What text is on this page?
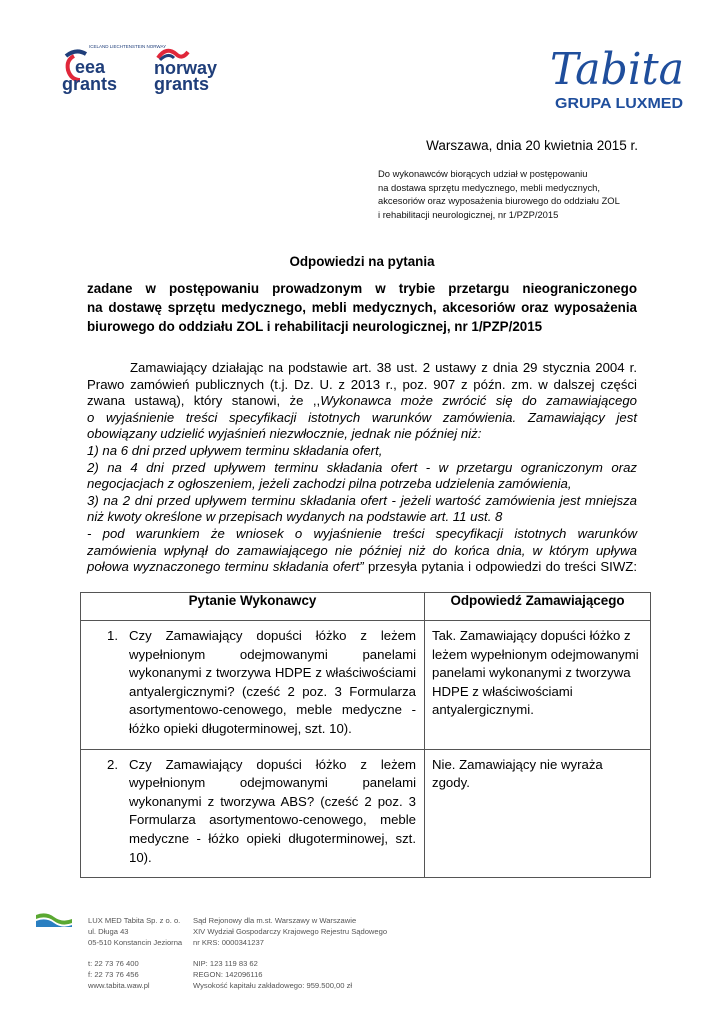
ICELAND LIECHTENSTEIN NORWAY
eea
grants
norway
grants	Tabita
GRUPA LUXMED
Warszawa, dnia 20 kwietnia 2015 r.
Do wykonawców biorących udział w postępowaniu
na dostawa sprzętu medycznego, mebli medycznych,
akcesoriów oraz wyposażenia biurowego do oddziału ZOL
i rehabilitacji neurologicznej, nr 1/PZP/2015
Odpowiedzi na pytania
zadane w postępowaniu prowadzonym w trybie przetargu nieograniczonego
na dostawę sprzętu medycznego, mebli medycznych, akcesoriów oraz wyposażenia
biurowego do oddziału ZOL i rehabilitacji neurologicznej, nr 1/PZP/2015
Zamawiający działając na podstawie art. 38 ust. 2 ustawy z dnia 29 stycznia 2004 r.
Prawo zamówień publicznych (t.j. Dz. U. z 2013 r., poz. 907 z późn. zm. w dalszej części
zwana ustawą), który stanowi, że ,,Wykonawca może zwrócić się do zamawiającego
o wyjaśnienie treści specyfikacji istotnych warunków zamówienia. Zamawiający jest
obowiązany udzielić wyjaśnień niezwłocznie, jednak nie później niż:
1) na 6 dni przed upływem terminu składania ofert,
2) na 4 dni przed upływem terminu składania ofert - w przetargu ograniczonym oraz
negocjacjach z ogłoszeniem, jeżeli zachodzi pilna potrzeba udzielenia zamówienia,
3) na 2 dni przed upływem terminu składania ofert - jeżeli wartość zamówienia jest mniejsza
niż kwoty określone w przepisach wydanych na podstawie art. 11 ust. 8
- pod warunkiem że wniosek o wyjaśnienie treści specyfikacji istotnych warunków
zamówienia wpłynął do zamawiającego nie później niż do końca dnia, w którym upływa
połowa wyznaczonego terminu składania ofert” przesyła pytania i odpowiedzi do treści SIWZ:
Pytanie Wykonawcy	Odpowiedź Zamawiającego

1. Czy Zamawiający dopuści łóżko z leżem wypełnionym odejmowanymi panelami wykonanymi z tworzywa HDPE z właściwościami antyalergicznymi? (cześć 2 poz. 3 Formularza asortymentowo-cenowego, meble medyczne - łóżko opieki długoterminowej, szt. 10).	Tak. Zamawiający dopuści łóżko z leżem wypełnionym odejmowanymi panelami wykonanymi z tworzywa HDPE z właściwościami antyalergicznymi.

2. Czy Zamawiający dopuści łóżko z leżem wypełnionym odejmowanymi panelami wykonanymi z tworzywa ABS? (cześć 2 poz. 3 Formularza asortymentowo-cenowego, meble medyczne - łóżko opieki długoterminowej, szt. 10).	Nie. Zamawiający nie wyraża zgody.
LUX MED Tabita Sp. z o. o.
ul. Długa 43
05-510 Konstancin Jeziorna
Sąd Rejonowy dla m.st. Warszawy w Warszawie
XIV Wydział Gospodarczy Krajowego Rejestru Sądowego
nr KRS: 0000341237
t: 22 73 76 400
f: 22 73 76 456
www.tabita.waw.pl
NIP: 123 119 83 62
REGON: 142096116
Wysokość kapitału zakładowego: 959.500,00 zł
